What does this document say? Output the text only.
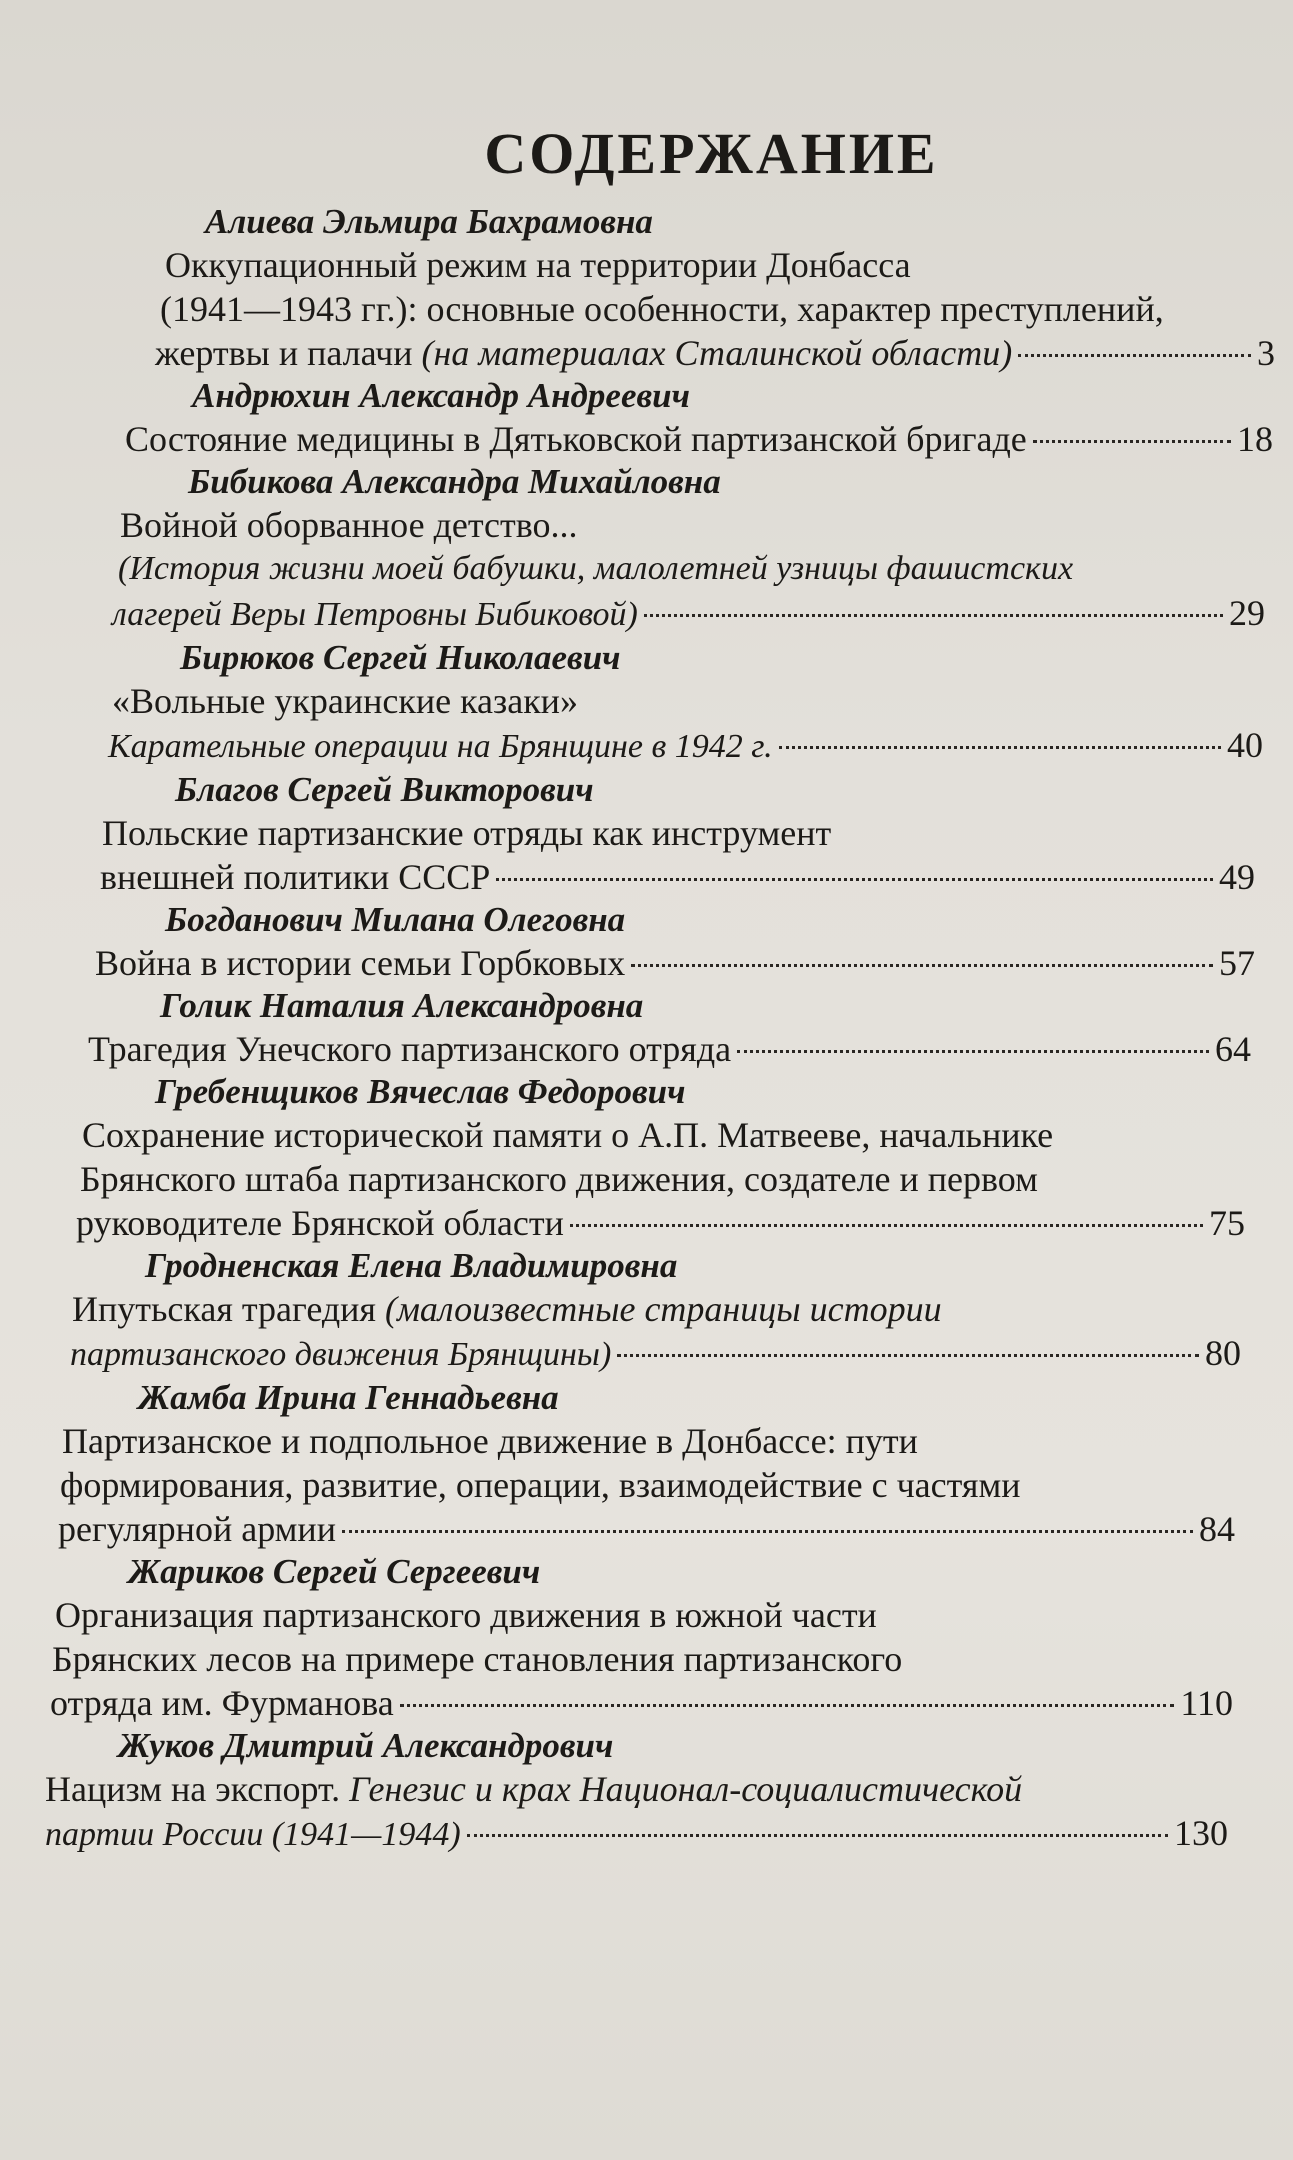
СОДЕРЖАНИЕ
Алиева Эльмира Бахрамовна
Оккупационный режим на территории Донбасса
(1941—1943 гг.): основные особенности, характер преступлений,
жертвы и палачи (на материалах Сталинской области)	3
Андрюхин Александр Андреевич
Состояние медицины в Дятьковской партизанской бригаде	18
Бибикова Александра Михайловна
Войной оборванное детство...
(История жизни моей бабушки, малолетней узницы фашистских
лагерей Веры Петровны Бибиковой)	29
Бирюков Сергей Николаевич
«Вольные украинские казаки»
Карательные операции на Брянщине в 1942 г.	40
Благов Сергей Викторович
Польские партизанские отряды как инструмент
внешней политики СССР	49
Богданович Милана Олеговна
Война в истории семьи Горбковых	57
Голик Наталия Александровна
Трагедия Унечского партизанского отряда	64
Гребенщиков Вячеслав Федорович
Сохранение исторической памяти о А.П. Матвееве, начальнике
Брянского штаба партизанского движения, создателе и первом
руководителе Брянской области	75
Гродненская Елена Владимировна
Ипутьская трагедия (малоизвестные страницы истории
партизанского движения Брянщины)	80
Жамба Ирина Геннадьевна
Партизанское и подпольное движение в Донбассе: пути
формирования, развитие, операции, взаимодействие с частями
регулярной армии	84
Жариков Сергей Сергеевич
Организация партизанского движения в южной части
Брянских лесов на примере становления партизанского
отряда им. Фурманова	110
Жуков Дмитрий Александрович
Нацизм на экспорт. Генезис и крах Национал-социалистической
партии России (1941—1944)	130
